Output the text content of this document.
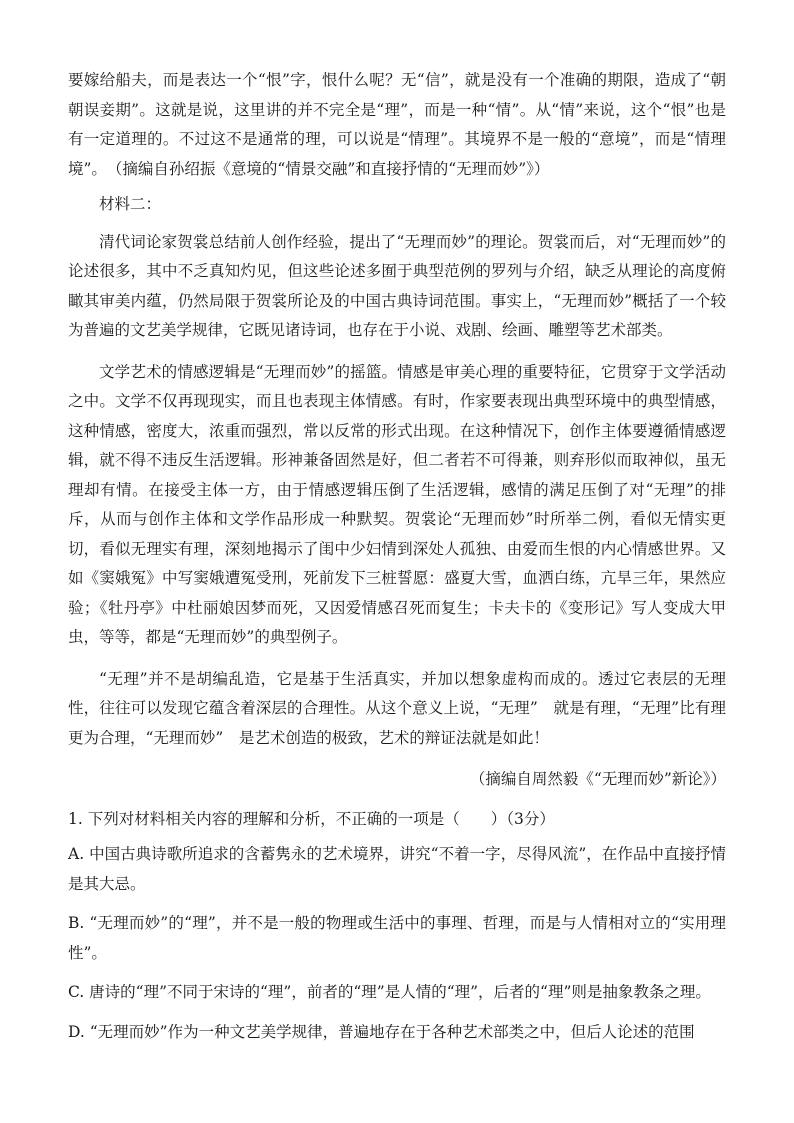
要嫁给船夫，而是表达一个“恨”字，恨什么呢？无“信”，就是没有一个准确的期限，造成了“朝朝误妾期”。这就是说，这里讲的并不完全是“理”，而是一种“情”。从“情”来说，这个“恨”也是有一定道理的。不过这不是通常的理，可以说是“情理”。其境界不是一般的“意境”，而是“情理境”。　（摘编自孙绍振《意境的“情景交融”和直接抒情的“无理而妙”》）

材料二：

清代词论家贺裳总结前人创作经验，提出了“无理而妙”的理论。贺裳而后，对“无理而妙”的论述很多，其中不乏真知灼见，但这些论述多囿于典型范例的罗列与介绍，缺乏从理论的高度俯瞰其审美内蕴，仍然局限于贺裳所论及的中国古典诗词范围。事实上，“无理而妙”概括了一个较为普遍的文艺美学规律，它既见诸诗词，也存在于小说、戏剧、绘画、雕塑等艺术部类。

文学艺术的情感逻辑是“无理而妙”的摇篮。情感是审美心理的重要特征，它贯穿于文学活动之中。文学不仅再现现实，而且也表现主体情感。有时，作家要表现出典型环境中的典型情感，这种情感，密度大，浓重而强烈，常以反常的形式出现。在这种情况下，创作主体要遵循情感逻辑，就不得不违反生活逻辑。形神兼备固然是好，但二者若不可得兼，则弃形似而取神似，虽无理却有情。在接受主体一方，由于情感逻辑压倒了生活逻辑，感情的满足压倒了对“无理”的排斥，从而与创作主体和文学作品形成一种默契。贺裳论“无理而妙”时所举二例，看似无情实更切，看似无理实有理，深刻地揭示了闺中少妇情到深处人孤独、由爱而生恨的内心情感世界。又如《窦娥冤》中写窦娥遭冤受刑，死前发下三桩誓愿：盛夏大雪，血洒白练，亢旱三年，果然应验；《牡丹亭》中杜丽娘因梦而死，又因爱情感召死而复生；卡夫卡的《变形记》写人变成大甲虫，等等，都是“无理而妙”的典型例子。

“无理”并不是胡编乱造，它是基于生活真实，并加以想象虚构而成的。透过它表层的无理性，往往可以发现它蕴含着深层的合理性。从这个意义上说，“无理”　就是有理，“无理”比有理更为合理，“无理而妙”　是艺术创造的极致，艺术的辩证法就是如此！

（摘编自周然毅《“无理而妙”新论》）

1. 下列对材料相关内容的理解和分析，不正确的一项是（　　）（3分）

A. 中国古典诗歌所追求的含蓄隽永的艺术境界，讲究“不着一字，尽得风流”，在作品中直接抒情是其大忌。

B. “无理而妙”的“理”，并不是一般的物理或生活中的事理、哲理，而是与人情相对立的“实用理性”。

C. 唐诗的“理”不同于宋诗的“理”，前者的“理”是人情的“理”，后者的“理”则是抽象教条之理。

D. “无理而妙”作为一种文艺美学规律，普遍地存在于各种艺术部类之中，但后人论述的范围
